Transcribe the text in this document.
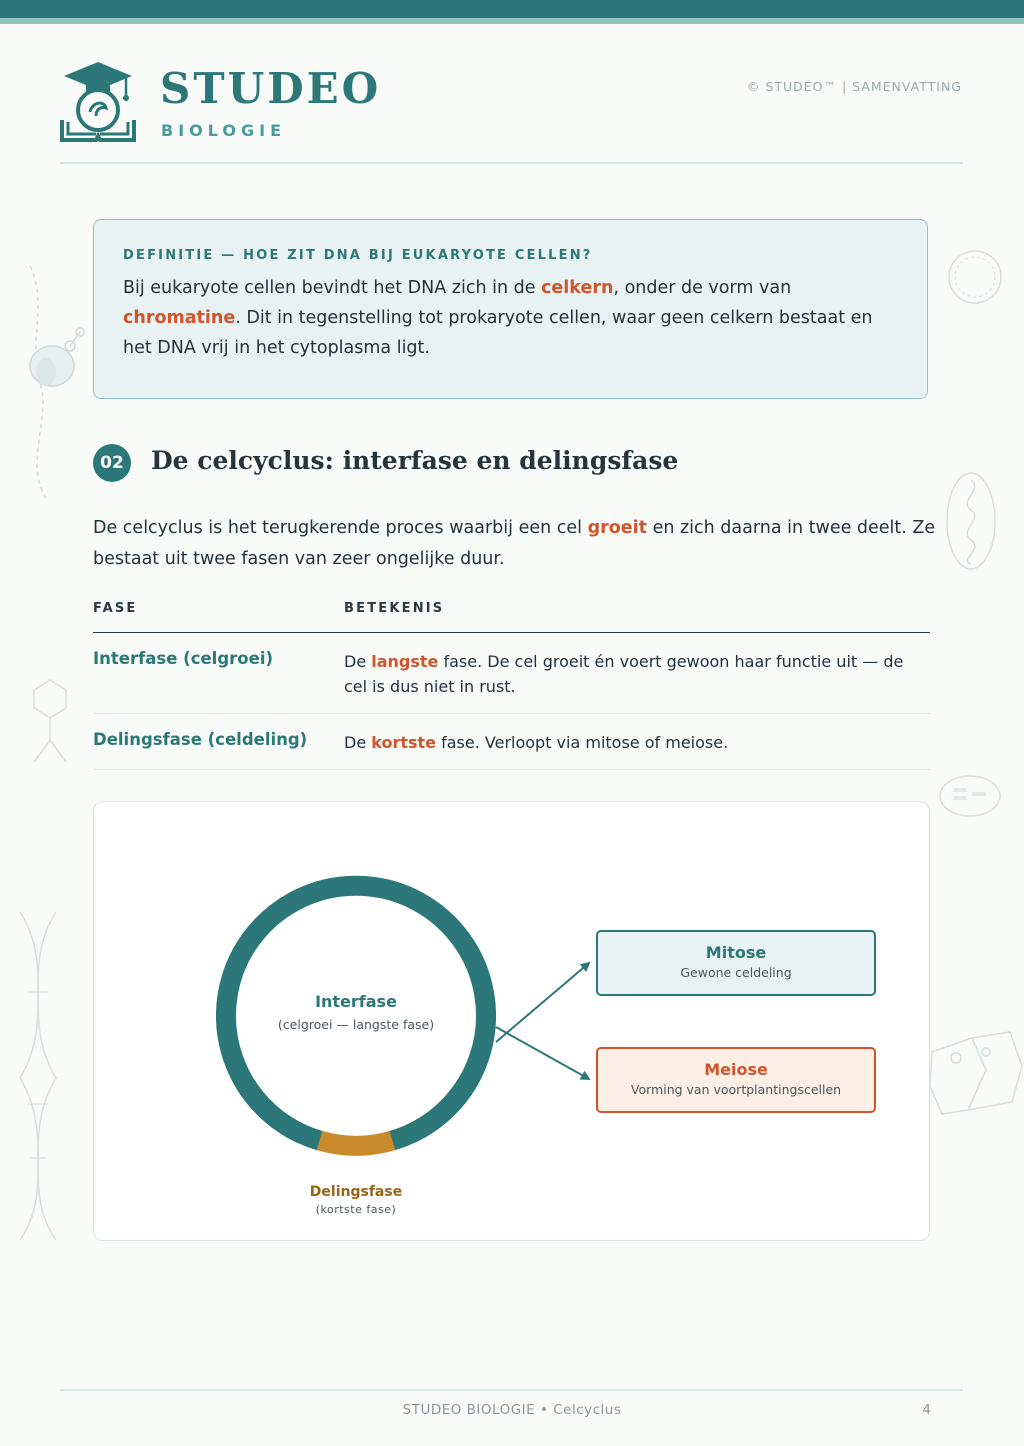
STUDEO
BIOLOGIE
© STUDEO™ | SAMENVATTING
DEFINITIE — HOE ZIT DNA BIJ EUKARYOTE CELLEN?
Bij eukaryote cellen bevindt het DNA zich in de celkern, onder de vorm van chromatine. Dit in tegenstelling tot prokaryote cellen, waar geen celkern bestaat en het DNA vrij in het cytoplasma ligt.
02 De celcyclus: interfase en delingsfase
De celcyclus is het terugkerende proces waarbij een cel groeit en zich daarna in twee deelt. Ze bestaat uit twee fasen van zeer ongelijke duur.
FASE	BETEKENIS
Interfase (celgroei)	De langste fase. De cel groeit én voert gewoon haar functie uit — de cel is dus niet in rust.
Delingsfase (celdeling) De kortste fase. Verloopt via mitose of meiose.
Interfase
(celgroei — langste fase)
Delingsfase
(kortste fase)
Mitose
Gewone celdeling
Meiose
Vorming van voortplantingscellen
STUDEO BIOLOGIE • Celcyclus	4
